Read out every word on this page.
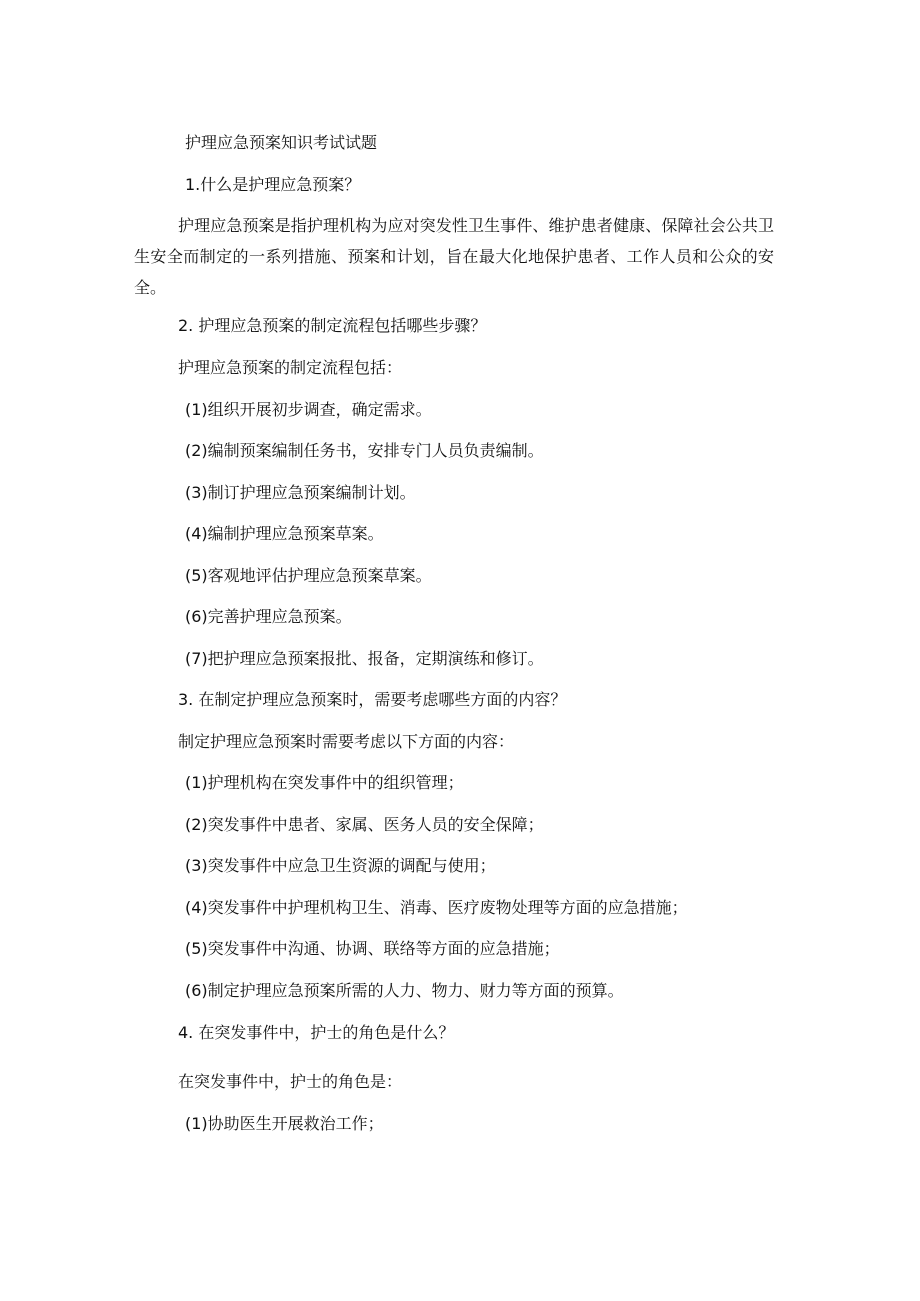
护理应急预案知识考试试题
1.什么是护理应急预案？
护理应急预案是指护理机构为应对突发性卫生事件、维护患者健康、保障社会公共卫生安全而制定的一系列措施、预案和计划，旨在最大化地保护患者、工作人员和公众的安全。
2. 护理应急预案的制定流程包括哪些步骤？
护理应急预案的制定流程包括：
(1)组织开展初步调查，确定需求。
(2)编制预案编制任务书，安排专门人员负责编制。
(3)制订护理应急预案编制计划。
(4)编制护理应急预案草案。
(5)客观地评估护理应急预案草案。
(6)完善护理应急预案。
(7)把护理应急预案报批、报备，定期演练和修订。
3. 在制定护理应急预案时，需要考虑哪些方面的内容？
制定护理应急预案时需要考虑以下方面的内容：
(1)护理机构在突发事件中的组织管理；
(2)突发事件中患者、家属、医务人员的安全保障；
(3)突发事件中应急卫生资源的调配与使用；
(4)突发事件中护理机构卫生、消毒、医疗废物处理等方面的应急措施；
(5)突发事件中沟通、协调、联络等方面的应急措施；
(6)制定护理应急预案所需的人力、物力、财力等方面的预算。
4. 在突发事件中，护士的角色是什么？
在突发事件中，护士的角色是：
(1)协助医生开展救治工作；
